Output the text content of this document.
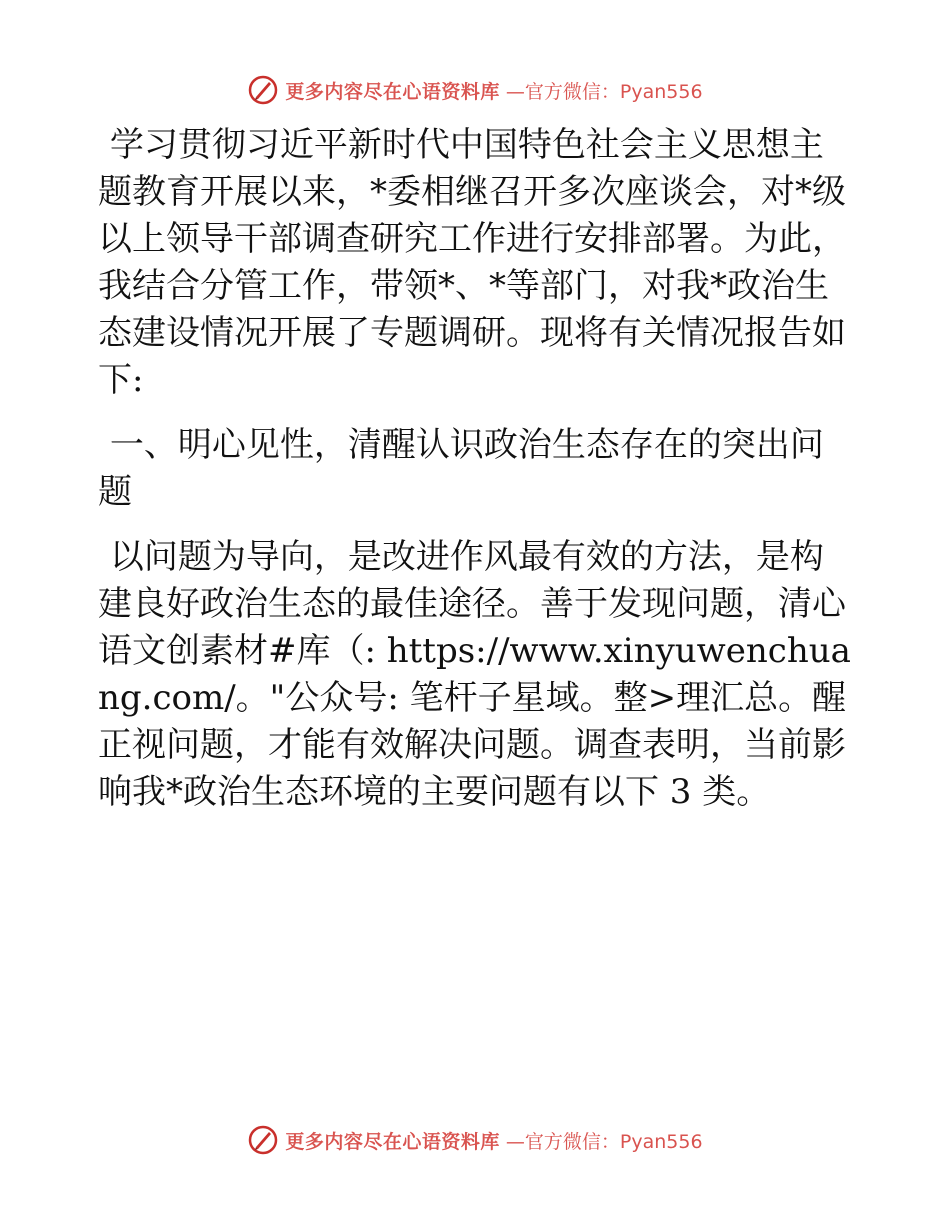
更多内容尽在心语资料库 —官方微信：Pyan556

学习贯彻习近平新时代中国特色社会主义思想主题教育开展以来，*委相继召开多次座谈会，对*级以上领导干部调查研究工作进行安排部署。为此，我结合分管工作，带领*、*等部门，对我*政治生态建设情况开展了专题调研。现将有关情况报告如下:

一、明心见性，清醒认识政治生态存在的突出问题

以问题为导向，是改进作风最有效的方法，是构建良好政治生态的最佳途径。善于发现问题，清心语文创素材#库（: https://www.xinyuwenchuang.com/。"公众号: 笔杆子星域。整>理汇总。醒正视问题，才能有效解决问题。调查表明，当前影响我*政治生态环境的主要问题有以下 3 类。

更多内容尽在心语资料库 —官方微信：Pyan556
